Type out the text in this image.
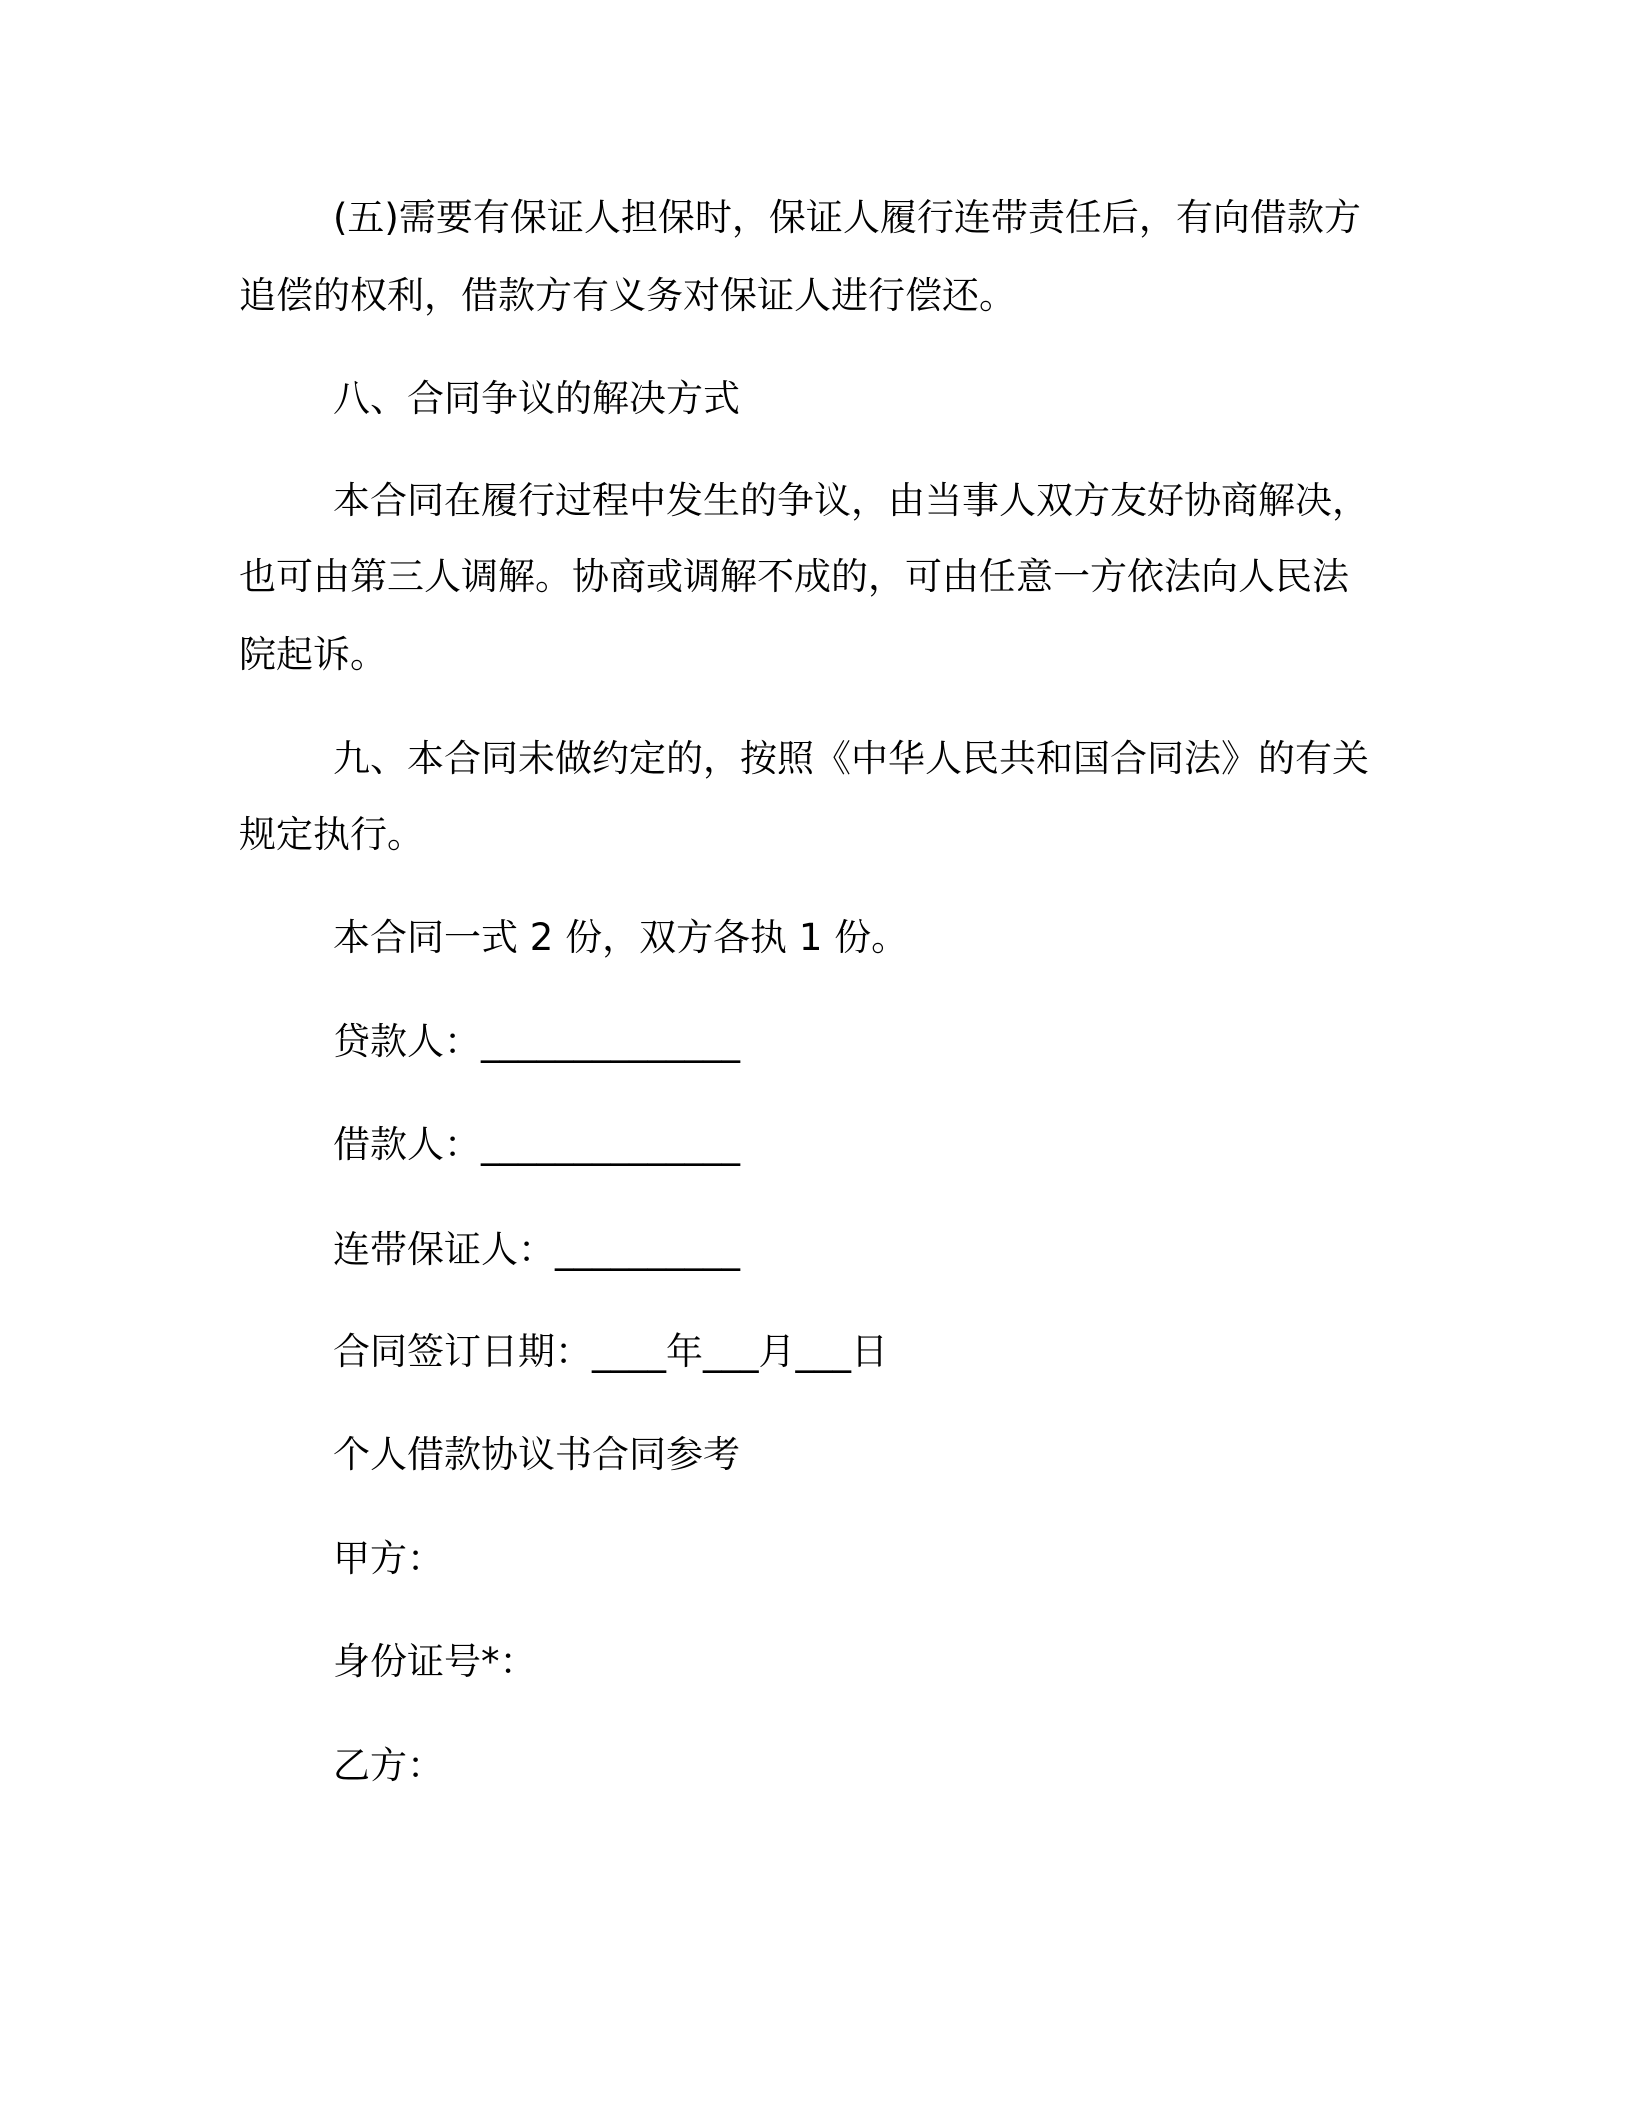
(五)需要有保证人担保时，保证人履行连带责任后，有向借款方
追偿的权利，借款方有义务对保证人进行偿还。
八、合同争议的解决方式
本合同在履行过程中发生的争议，由当事人双方友好协商解决，
也可由第三人调解。协商或调解不成的，可由任意一方依法向人民法
院起诉。
九、本合同未做约定的，按照《中华人民共和国合同法》的有关
规定执行。
本合同一式 2 份，双方各执 1 份。
贷款人：______________
借款人：______________
连带保证人：__________
合同签订日期：____年___月___日
个人借款协议书合同参考
甲方：
身份证号*：
乙方：
